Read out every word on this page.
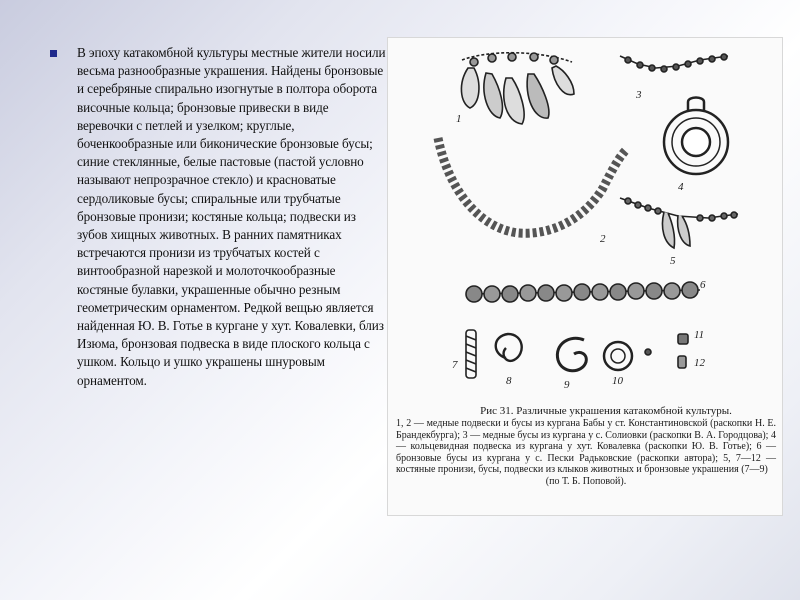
В эпоху катакомбной культуры местные жители носили весьма разнообразные украшения. Найдены бронзовые и серебряные спирально изогнутые в полтора оборота височные кольца; бронзовые привески в виде веревочки с петлей и узелком; круглые, боченкообразные или биконические бронзовые бусы; синие стеклянные, белые пастовые (пастой условно называют непрозрачное стекло) и красноватые сердоликовые бусы; спиральные или трубчатые бронзовые пронизи; костяные кольца; подвески из зубов хищных животных. В ранних памятниках встречаются пронизи из трубчатых костей с винтообразной нарезкой и молоточкообразные костяные булавки, украшенные обычно резным геометрическим орнаментом. Редкой вещью является найденная Ю. В. Готье в кургане у хут. Ковалевки, близ Изюма, бронзовая подвеска в виде плоского кольца с ушком. Кольцо и ушко украшены шнуровым орнаментом.
1
2
3
4
5
6
7
8	9	10
11
12
Рис 31. Различные украшения катакомбной культуры.
1, 2 — медные подвески и бусы из кургана Бабы у ст. Константиновской (раскопки Н. Е. Брандекбурга); 3 — медные бусы из кургана у с. Солиовки (раскопки В. А. Городцова); 4 — кольцевидная подвеска из кургана у хут. Ковалевка (раскопки Ю. В. Готье); 6 — бронзовые бусы из кургана у с. Пески Радьковские (раскопки автора); 5, 7—12 — костяные пронизи, бусы, подвески из клыков животных и бронзовые украшения (7—9)
(по Т. Б. Поповой).
